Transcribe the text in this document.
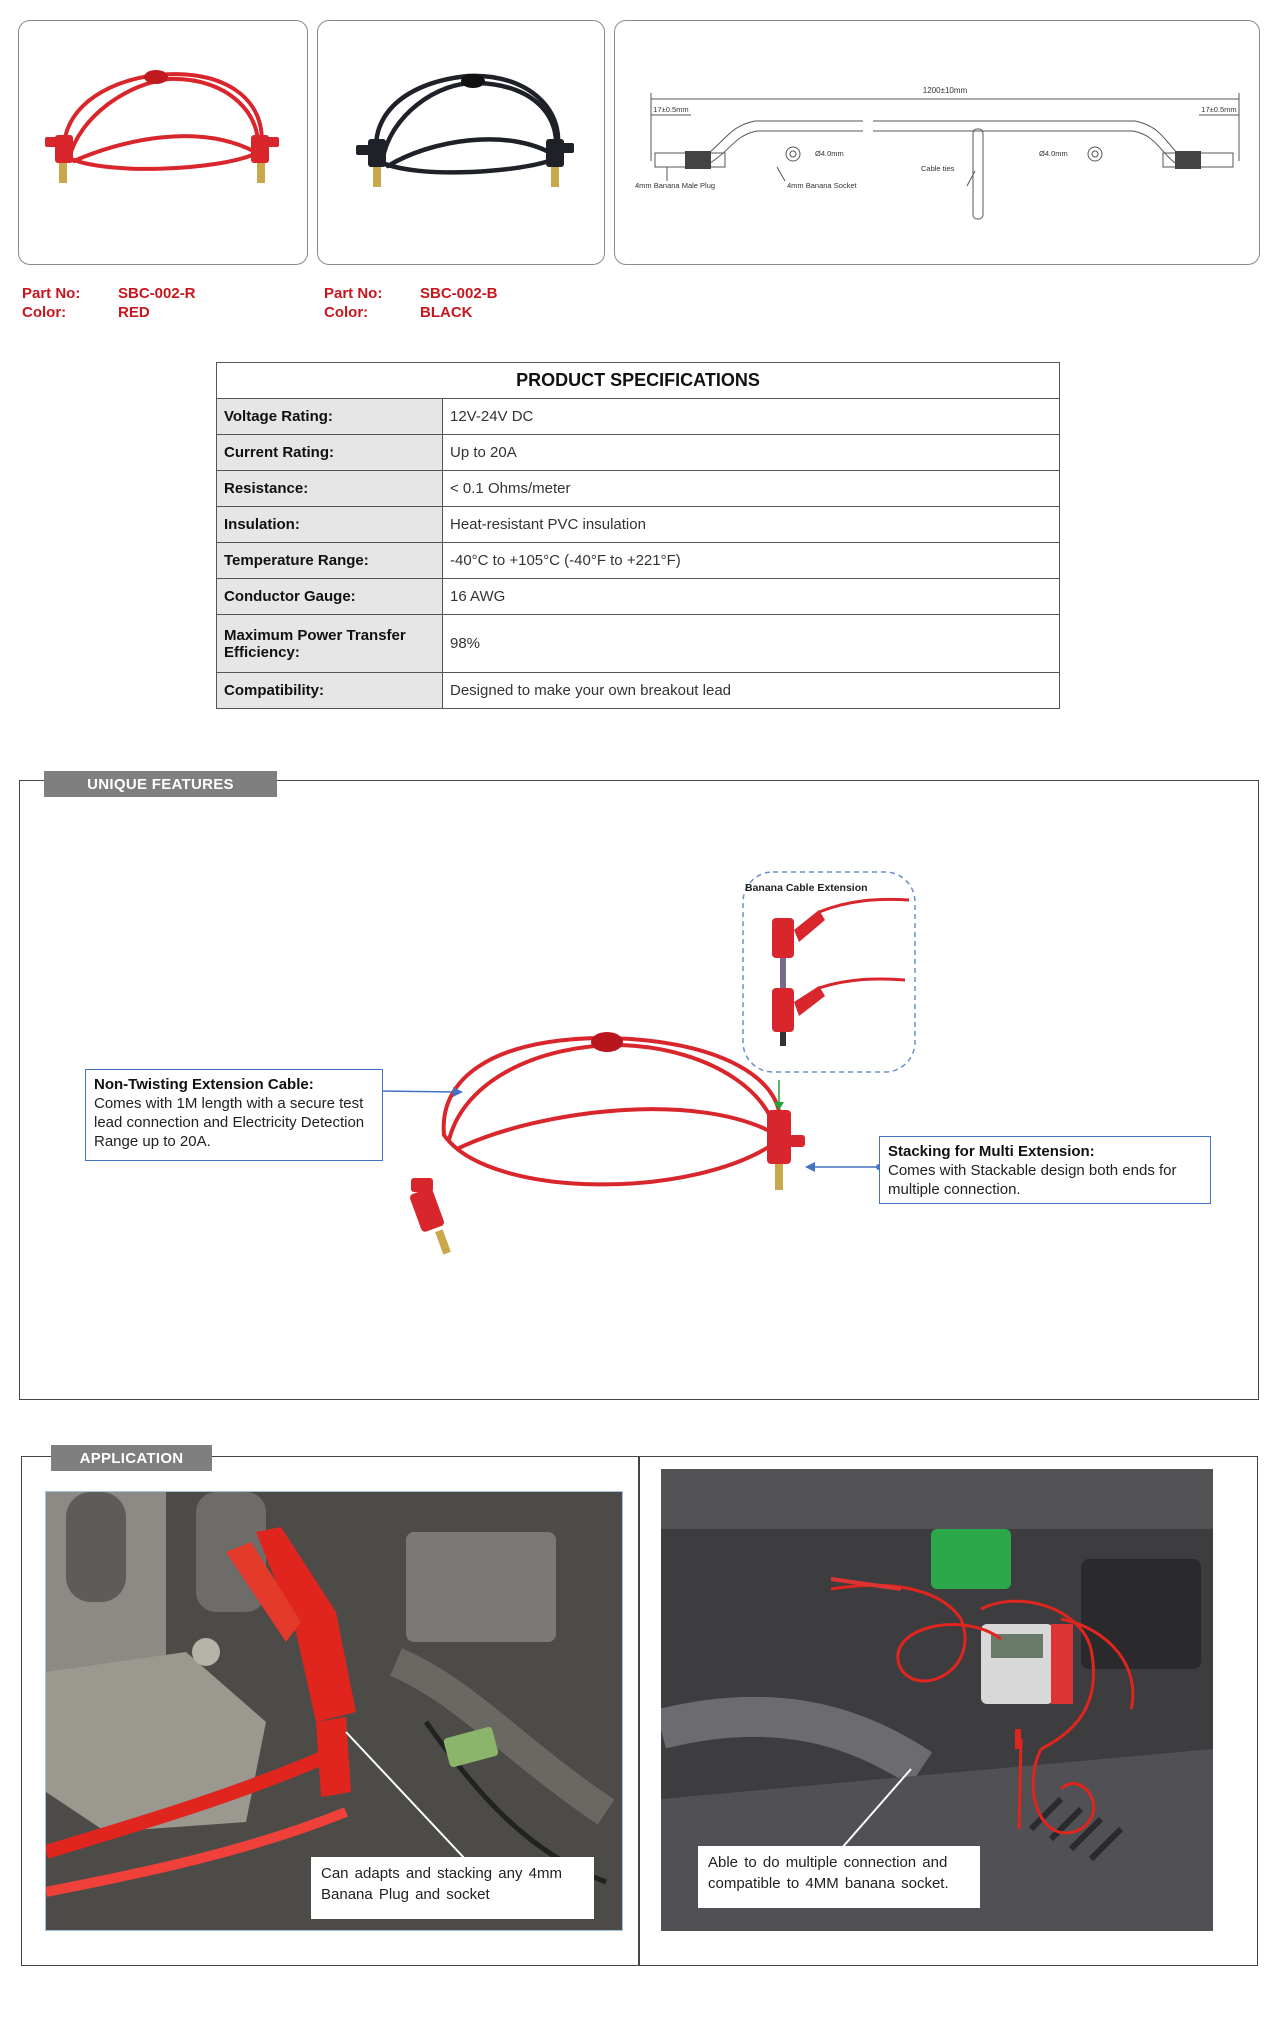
1200±10mm
17±0.5mm	17±0.5mm
Ø4.0mm	Ø4.0mm
4mm Banana Male Plug	4mm Banana Socket
Cable ties
Part No:	SBC-002-R
Color:	RED
Part No:	SBC-002-B
Color:	BLACK
PRODUCT SPECIFICATIONS	
Voltage Rating:	12V-24V DC
Current Rating:	Up to 20A
Resistance:	< 0.1 Ohms/meter
Insulation:	Heat-resistant PVC insulation
Temperature Range:	-40°C to +105°C (-40°F to +221°F)
Conductor Gauge:	16 AWG
Maximum Power Transfer Efficiency:	98%
Compatibility:	Designed to make your own breakout lead
UNIQUE FEATURES
Banana Cable Extension
Non-Twisting Extension Cable:
Comes with 1M length with a secure test lead connection and Electricity Detection Range up to 20A.
Stacking for Multi Extension:
Comes with Stackable design both ends for multiple connection.
APPLICATION
Can adapts and stacking any 4mm Banana Plug and socket
Able to do multiple connection and compatible to 4MM banana socket.
